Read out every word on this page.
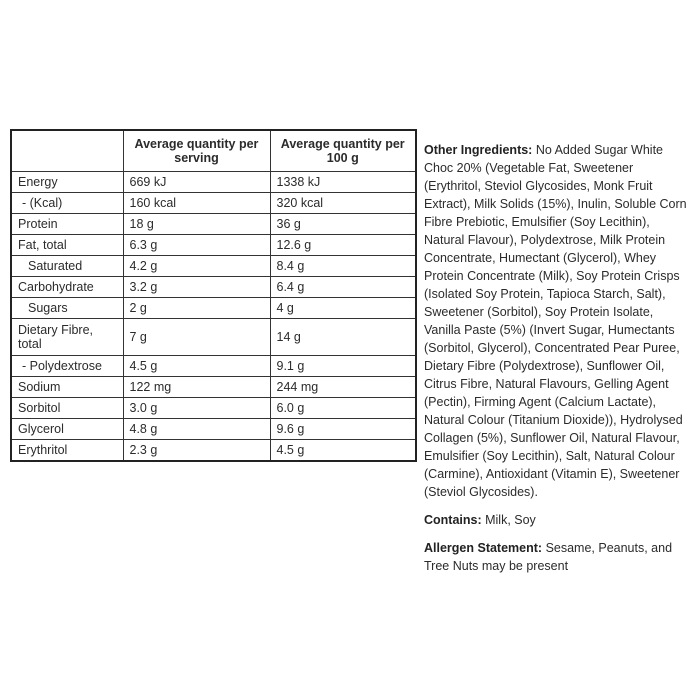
	Average quantity per serving	Average quantity per 100 g
Energy	669 kJ	1338 kJ
- (Kcal)	160 kcal	320 kcal
Protein	18 g	36 g
Fat, total	6.3 g	12.6 g
Saturated	4.2 g	8.4 g
Carbohydrate	3.2 g	6.4 g
Sugars	2 g	4 g
Dietary Fibre, total	7 g	14 g
- Polydextrose	4.5 g	9.1 g
Sodium	122 mg	244 mg
Sorbitol	3.0 g	6.0 g
Glycerol	4.8 g	9.6 g
Erythritol	2.3 g	4.5 g

Other Ingredients: No Added Sugar White Choc 20% (Vegetable Fat, Sweetener (Erythritol, Steviol Glycosides, Monk Fruit Extract), Milk Solids (15%), Inulin, Soluble Corn Fibre Prebiotic, Emulsifier (Soy Lecithin), Natural Flavour), Polydextrose, Milk Protein Concentrate, Humectant (Glycerol), Whey Protein Concentrate (Milk), Soy Protein Crisps (Isolated Soy Protein, Tapioca Starch, Salt), Sweetener (Sorbitol), Soy Protein Isolate, Vanilla Paste (5%) (Invert Sugar, Humectants (Sorbitol, Glycerol), Concentrated Pear Puree, Dietary Fibre (Polydextrose), Sunflower Oil, Citrus Fibre, Natural Flavours, Gelling Agent (Pectin), Firming Agent (Calcium Lactate), Natural Colour (Titanium Dioxide)), Hydrolysed Collagen (5%), Sunflower Oil, Natural Flavour, Emulsifier (Soy Lecithin), Salt, Natural Colour (Carmine), Antioxidant (Vitamin E), Sweetener (Steviol Glycosides).

Contains: Milk, Soy

Allergen Statement: Sesame, Peanuts, and Tree Nuts may be present
